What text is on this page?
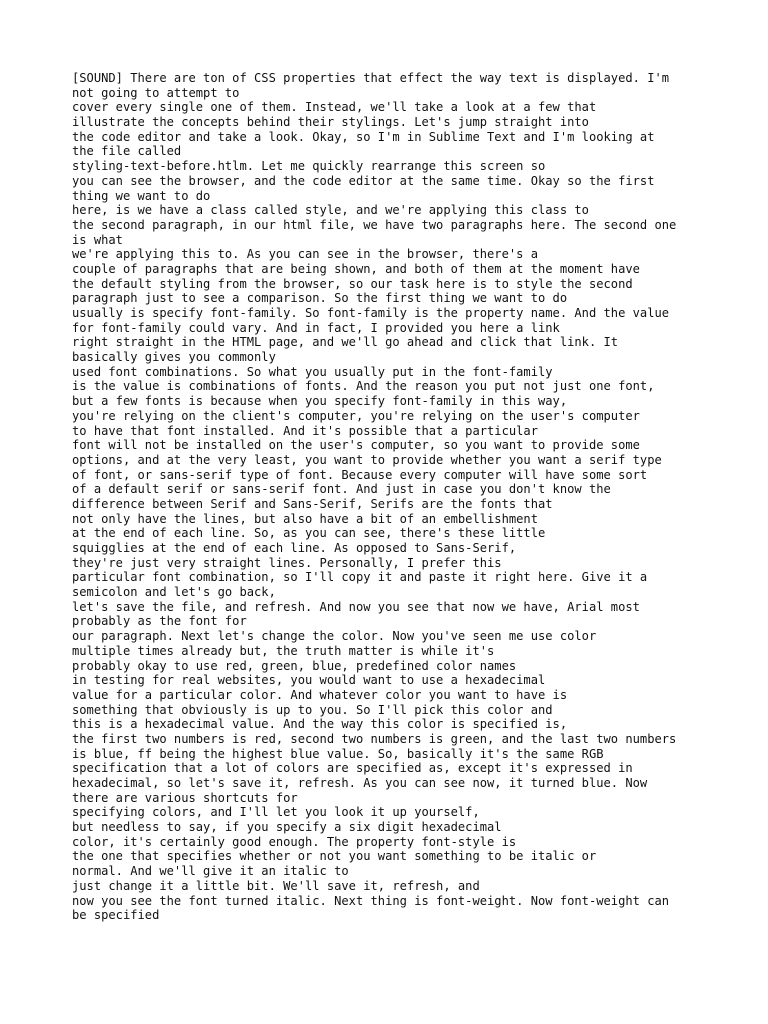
[SOUND] There are ton of CSS properties that effect the way text is displayed. I'm
not going to attempt to
cover every single one of them. Instead, we'll take a look at a few that
illustrate the concepts behind their stylings. Let's jump straight into
the code editor and take a look. Okay, so I'm in Sublime Text and I'm looking at
the file called
styling-text-before.htlm. Let me quickly rearrange this screen so
you can see the browser, and the code editor at the same time. Okay so the first
thing we want to do
here, is we have a class called style, and we're applying this class to
the second paragraph, in our html file, we have two paragraphs here. The second one
is what
we're applying this to. As you can see in the browser, there's a
couple of paragraphs that are being shown, and both of them at the moment have
the default styling from the browser, so our task here is to style the second
paragraph just to see a comparison. So the first thing we want to do
usually is specify font-family. So font-family is the property name. And the value
for font-family could vary. And in fact, I provided you here a link
right straight in the HTML page, and we'll go ahead and click that link. It
basically gives you commonly
used font combinations. So what you usually put in the font-family
is the value is combinations of fonts. And the reason you put not just one font,
but a few fonts is because when you specify font-family in this way,
you're relying on the client's computer, you're relying on the user's computer
to have that font installed. And it's possible that a particular
font will not be installed on the user's computer, so you want to provide some
options, and at the very least, you want to provide whether you want a serif type
of font, or sans-serif type of font. Because every computer will have some sort
of a default serif or sans-serif font. And just in case you don't know the
difference between Serif and Sans-Serif, Serifs are the fonts that
not only have the lines, but also have a bit of an embellishment
at the end of each line. So, as you can see, there's these little
squigglies at the end of each line. As opposed to Sans-Serif,
they're just very straight lines. Personally, I prefer this
particular font combination, so I'll copy it and paste it right here. Give it a
semicolon and let's go back,
let's save the file, and refresh. And now you see that now we have, Arial most
probably as the font for
our paragraph. Next let's change the color. Now you've seen me use color
multiple times already but, the truth matter is while it's
probably okay to use red, green, blue, predefined color names
in testing for real websites, you would want to use a hexadecimal
value for a particular color. And whatever color you want to have is
something that obviously is up to you. So I'll pick this color and
this is a hexadecimal value. And the way this color is specified is,
the first two numbers is red, second two numbers is green, and the last two numbers
is blue, ff being the highest blue value. So, basically it's the same RGB
specification that a lot of colors are specified as, except it's expressed in
hexadecimal, so let's save it, refresh. As you can see now, it turned blue. Now
there are various shortcuts for
specifying colors, and I'll let you look it up yourself,
but needless to say, if you specify a six digit hexadecimal
color, it's certainly good enough. The property font-style is
the one that specifies whether or not you want something to be italic or
normal. And we'll give it an italic to
just change it a little bit. We'll save it, refresh, and
now you see the font turned italic. Next thing is font-weight. Now font-weight can
be specified
